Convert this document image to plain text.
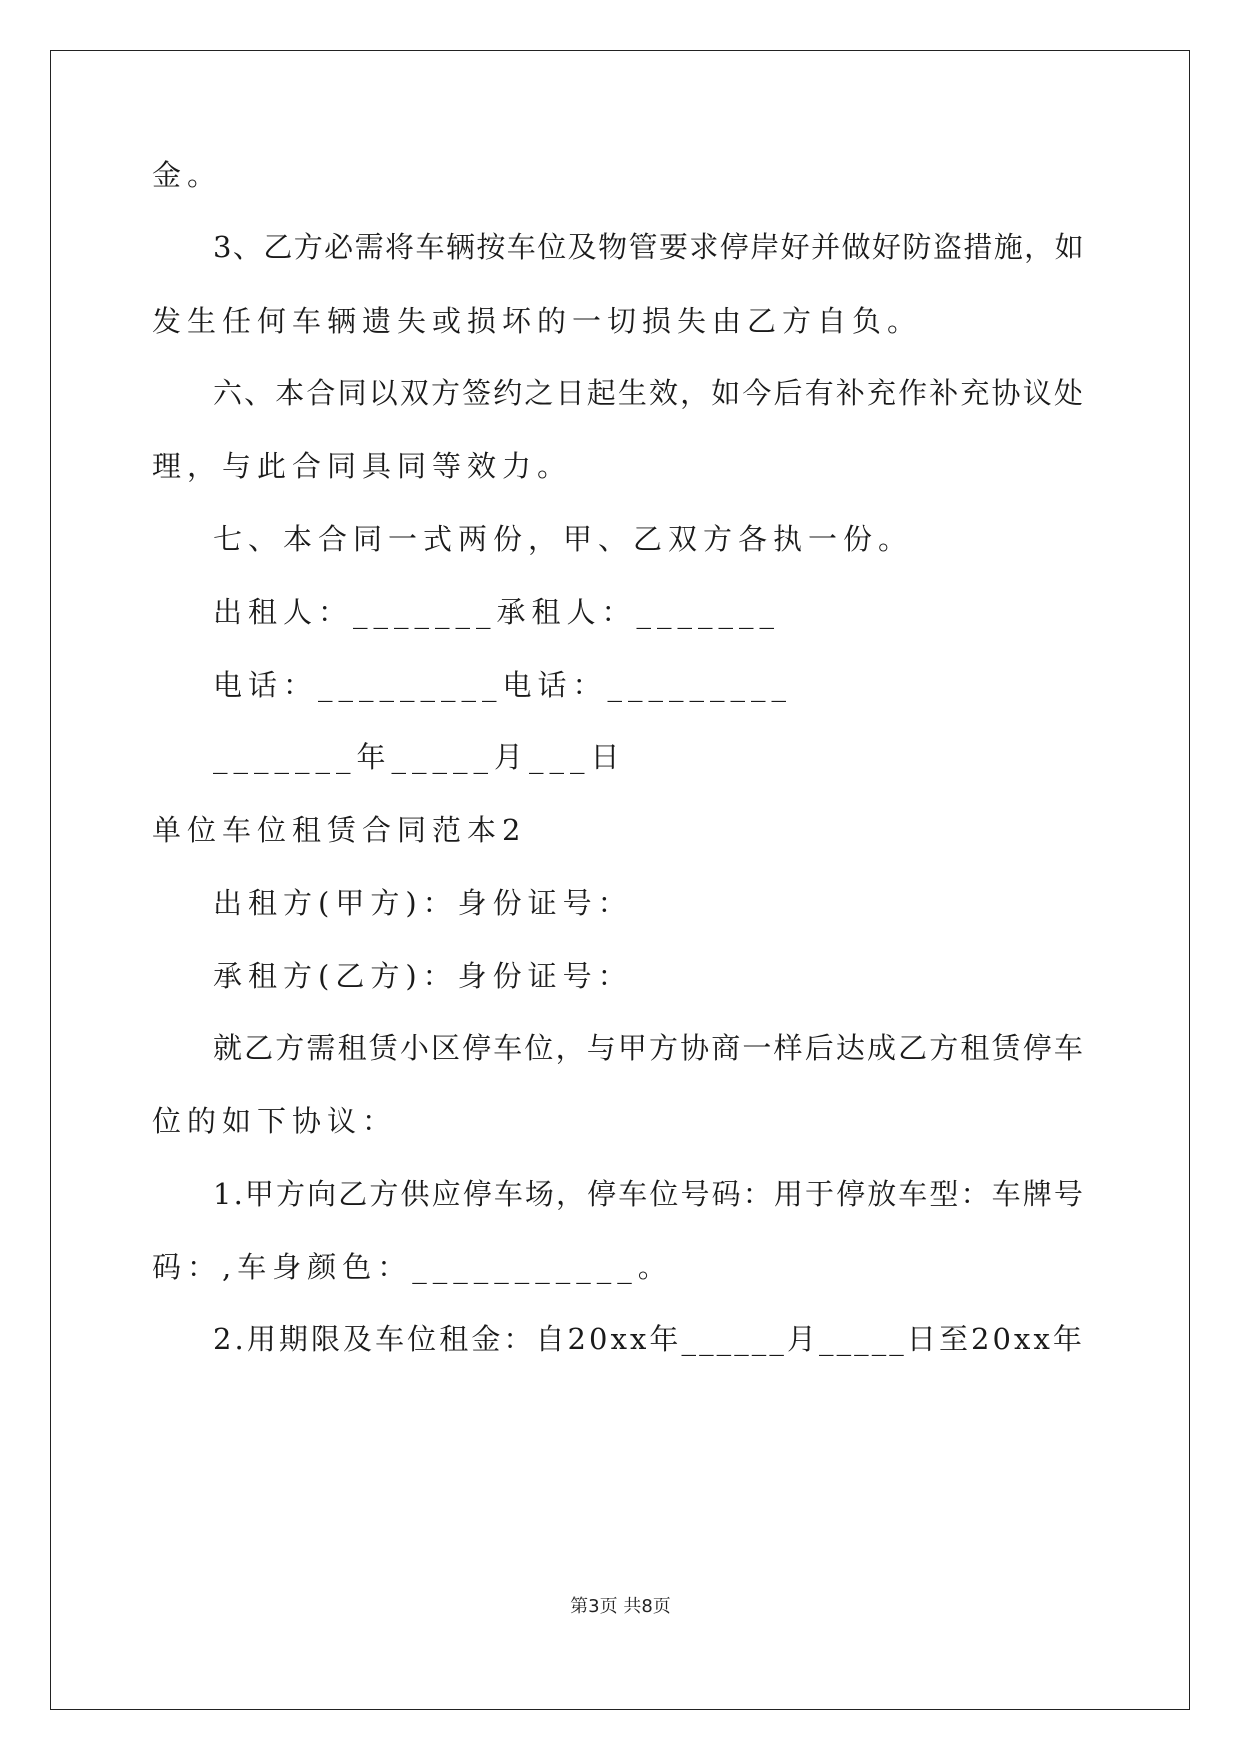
金。
3、乙方必需将车辆按车位及物管要求停岸好并做好防盗措施，如
发生任何车辆遗失或损坏的一切损失由乙方自负。
六、本合同以双方签约之日起生效，如今后有补充作补充协议处
理，与此合同具同等效力。
七、本合同一式两份，甲、乙双方各执一份。
出租人：_______承租人：_______
电话：_________电话：_________
_______年_____月___日
单位车位租赁合同范本2
出租方(甲方)：身份证号：
承租方(乙方)：身份证号：
就乙方需租赁小区停车位，与甲方协商一样后达成乙方租赁停车
位的如下协议：
1.甲方向乙方供应停车场，停车位号码：用于停放车型：车牌号
码：,车身颜色：___________。
2.用期限及车位租金：自20xx年______月_____日至20xx年
第3页 共8页
